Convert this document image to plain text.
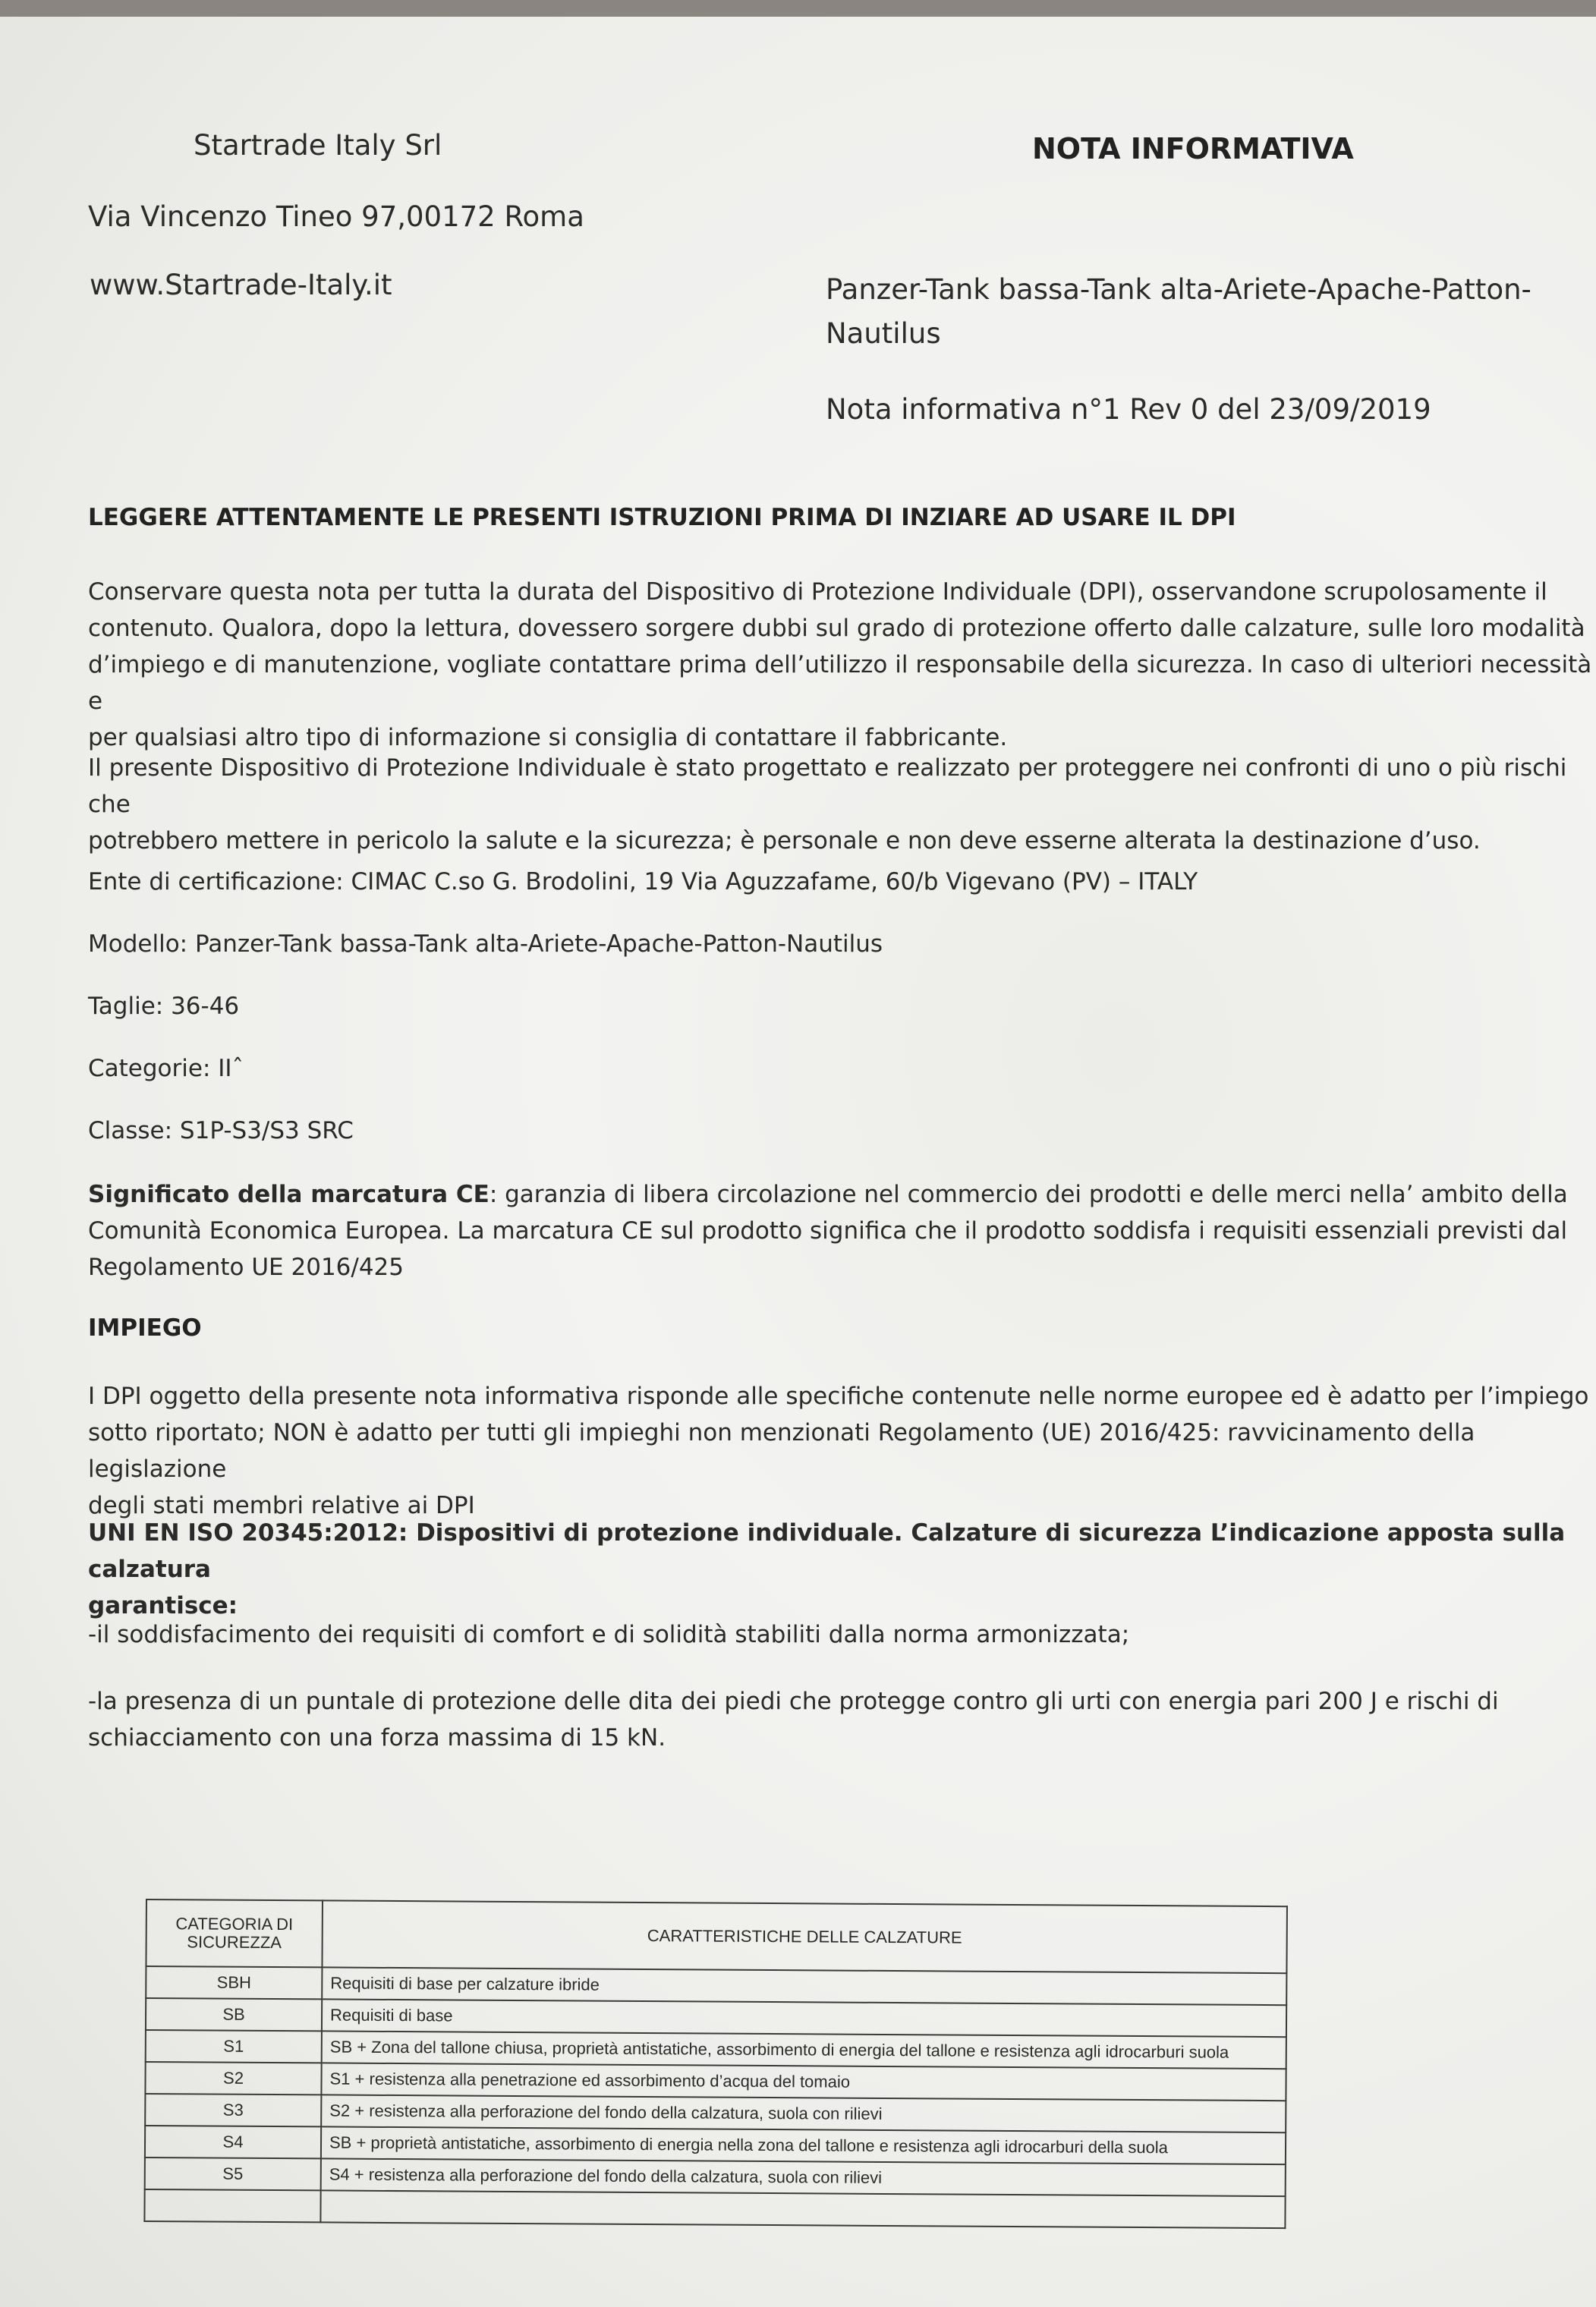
Startrade Italy Srl	NOTA INFORMATIVA
Via Vincenzo Tineo 97,00172 Roma
www.Startrade-Italy.it	Panzer-Tank bassa-Tank alta-Ariete-Apache-Patton-
Nautilus
Nota informativa n°1 Rev 0 del 23/09/2019
LEGGERE ATTENTAMENTE LE PRESENTI ISTRUZIONI PRIMA DI INZIARE AD USARE IL DPI

Conservare questa nota per tutta la durata del Dispositivo di Protezione Individuale (DPI), osservandone scrupolosamente il

contenuto. Qualora, dopo la lettura, dovessero sorgere dubbi sul grado di protezione offerto dalle calzature, sulle loro modalità

d’impiego e di manutenzione, vogliate contattare prima dell’utilizzo il responsabile della sicurezza. In caso di ulteriori necessità e

per qualsiasi altro tipo di informazione si consiglia di contattare il fabbricante.

Il presente Dispositivo di Protezione Individuale è stato progettato e realizzato per proteggere nei confronti di uno o più rischi che

potrebbero mettere in pericolo la salute e la sicurezza; è personale e non deve esserne alterata la destinazione d’uso.

Ente di certificazione: CIMAC C.so G. Brodolini, 19 Via Aguzzafame, 60/b Vigevano (PV) – ITALY
Modello: Panzer-Tank bassa-Tank alta-Ariete-Apache-Patton-Nautilus
Taglie: 36-46
Categorie: IIˆ
Classe: S1P-S3/S3 SRC

Significato della marcatura CE: garanzia di libera circolazione nel commercio dei prodotti e delle merci nella’ ambito della

Comunità Economica Europea. La marcatura CE sul prodotto significa che il prodotto soddisfa i requisiti essenziali previsti dal

Regolamento UE 2016/425

IMPIEGO

I DPI oggetto della presente nota informativa risponde alle specifiche contenute nelle norme europee ed è adatto per l’impiego

sotto riportato; NON è adatto per tutti gli impieghi non menzionati Regolamento (UE) 2016/425: ravvicinamento della legislazione

degli stati membri relative ai DPI

UNI EN ISO 20345:2012: Dispositivi di protezione individuale. Calzature di sicurezza L’indicazione apposta sulla calzatura

garantisce:

-il soddisfacimento dei requisiti di comfort e di solidità stabiliti dalla norma armonizzata;

-la presenza di un puntale di protezione delle dita dei piedi che protegge contro gli urti con energia pari 200 J e rischi di

schiacciamento con una forza massima di 15 kN.

CATEGORIA DI
SICUREZZA	CARATTERISTICHE DELLE CALZATURE
SBH	Requisiti di base per calzature ibride
SB	Requisiti di base
S1	SB + Zona del tallone chiusa, proprietà antistatiche, assorbimento di energia del tallone e resistenza agli idrocarburi suola
S2	S1 + resistenza alla penetrazione ed assorbimento d’acqua del tomaio
S3	S2 + resistenza alla perforazione del fondo della calzatura, suola con rilievi
S4	SB + proprietà antistatiche, assorbimento di energia nella zona del tallone e resistenza agli idrocarburi della suola
S5	S4 + resistenza alla perforazione del fondo della calzatura, suola con rilievi
